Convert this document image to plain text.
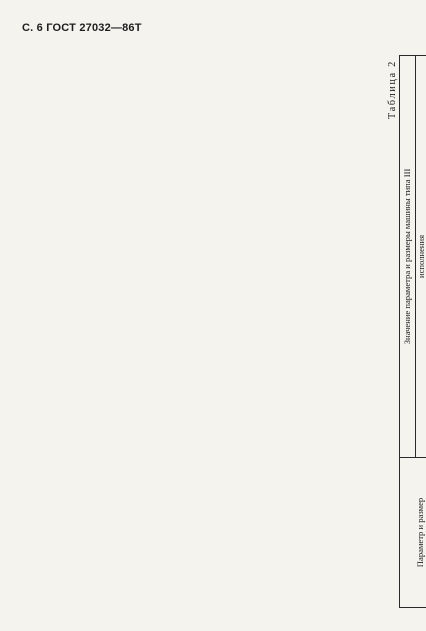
С. 6 ГОСТ 27032—86Т
Таблица 2
Параметр и размер	Значение параметра и размеры машины типа III			
	исполнения			
